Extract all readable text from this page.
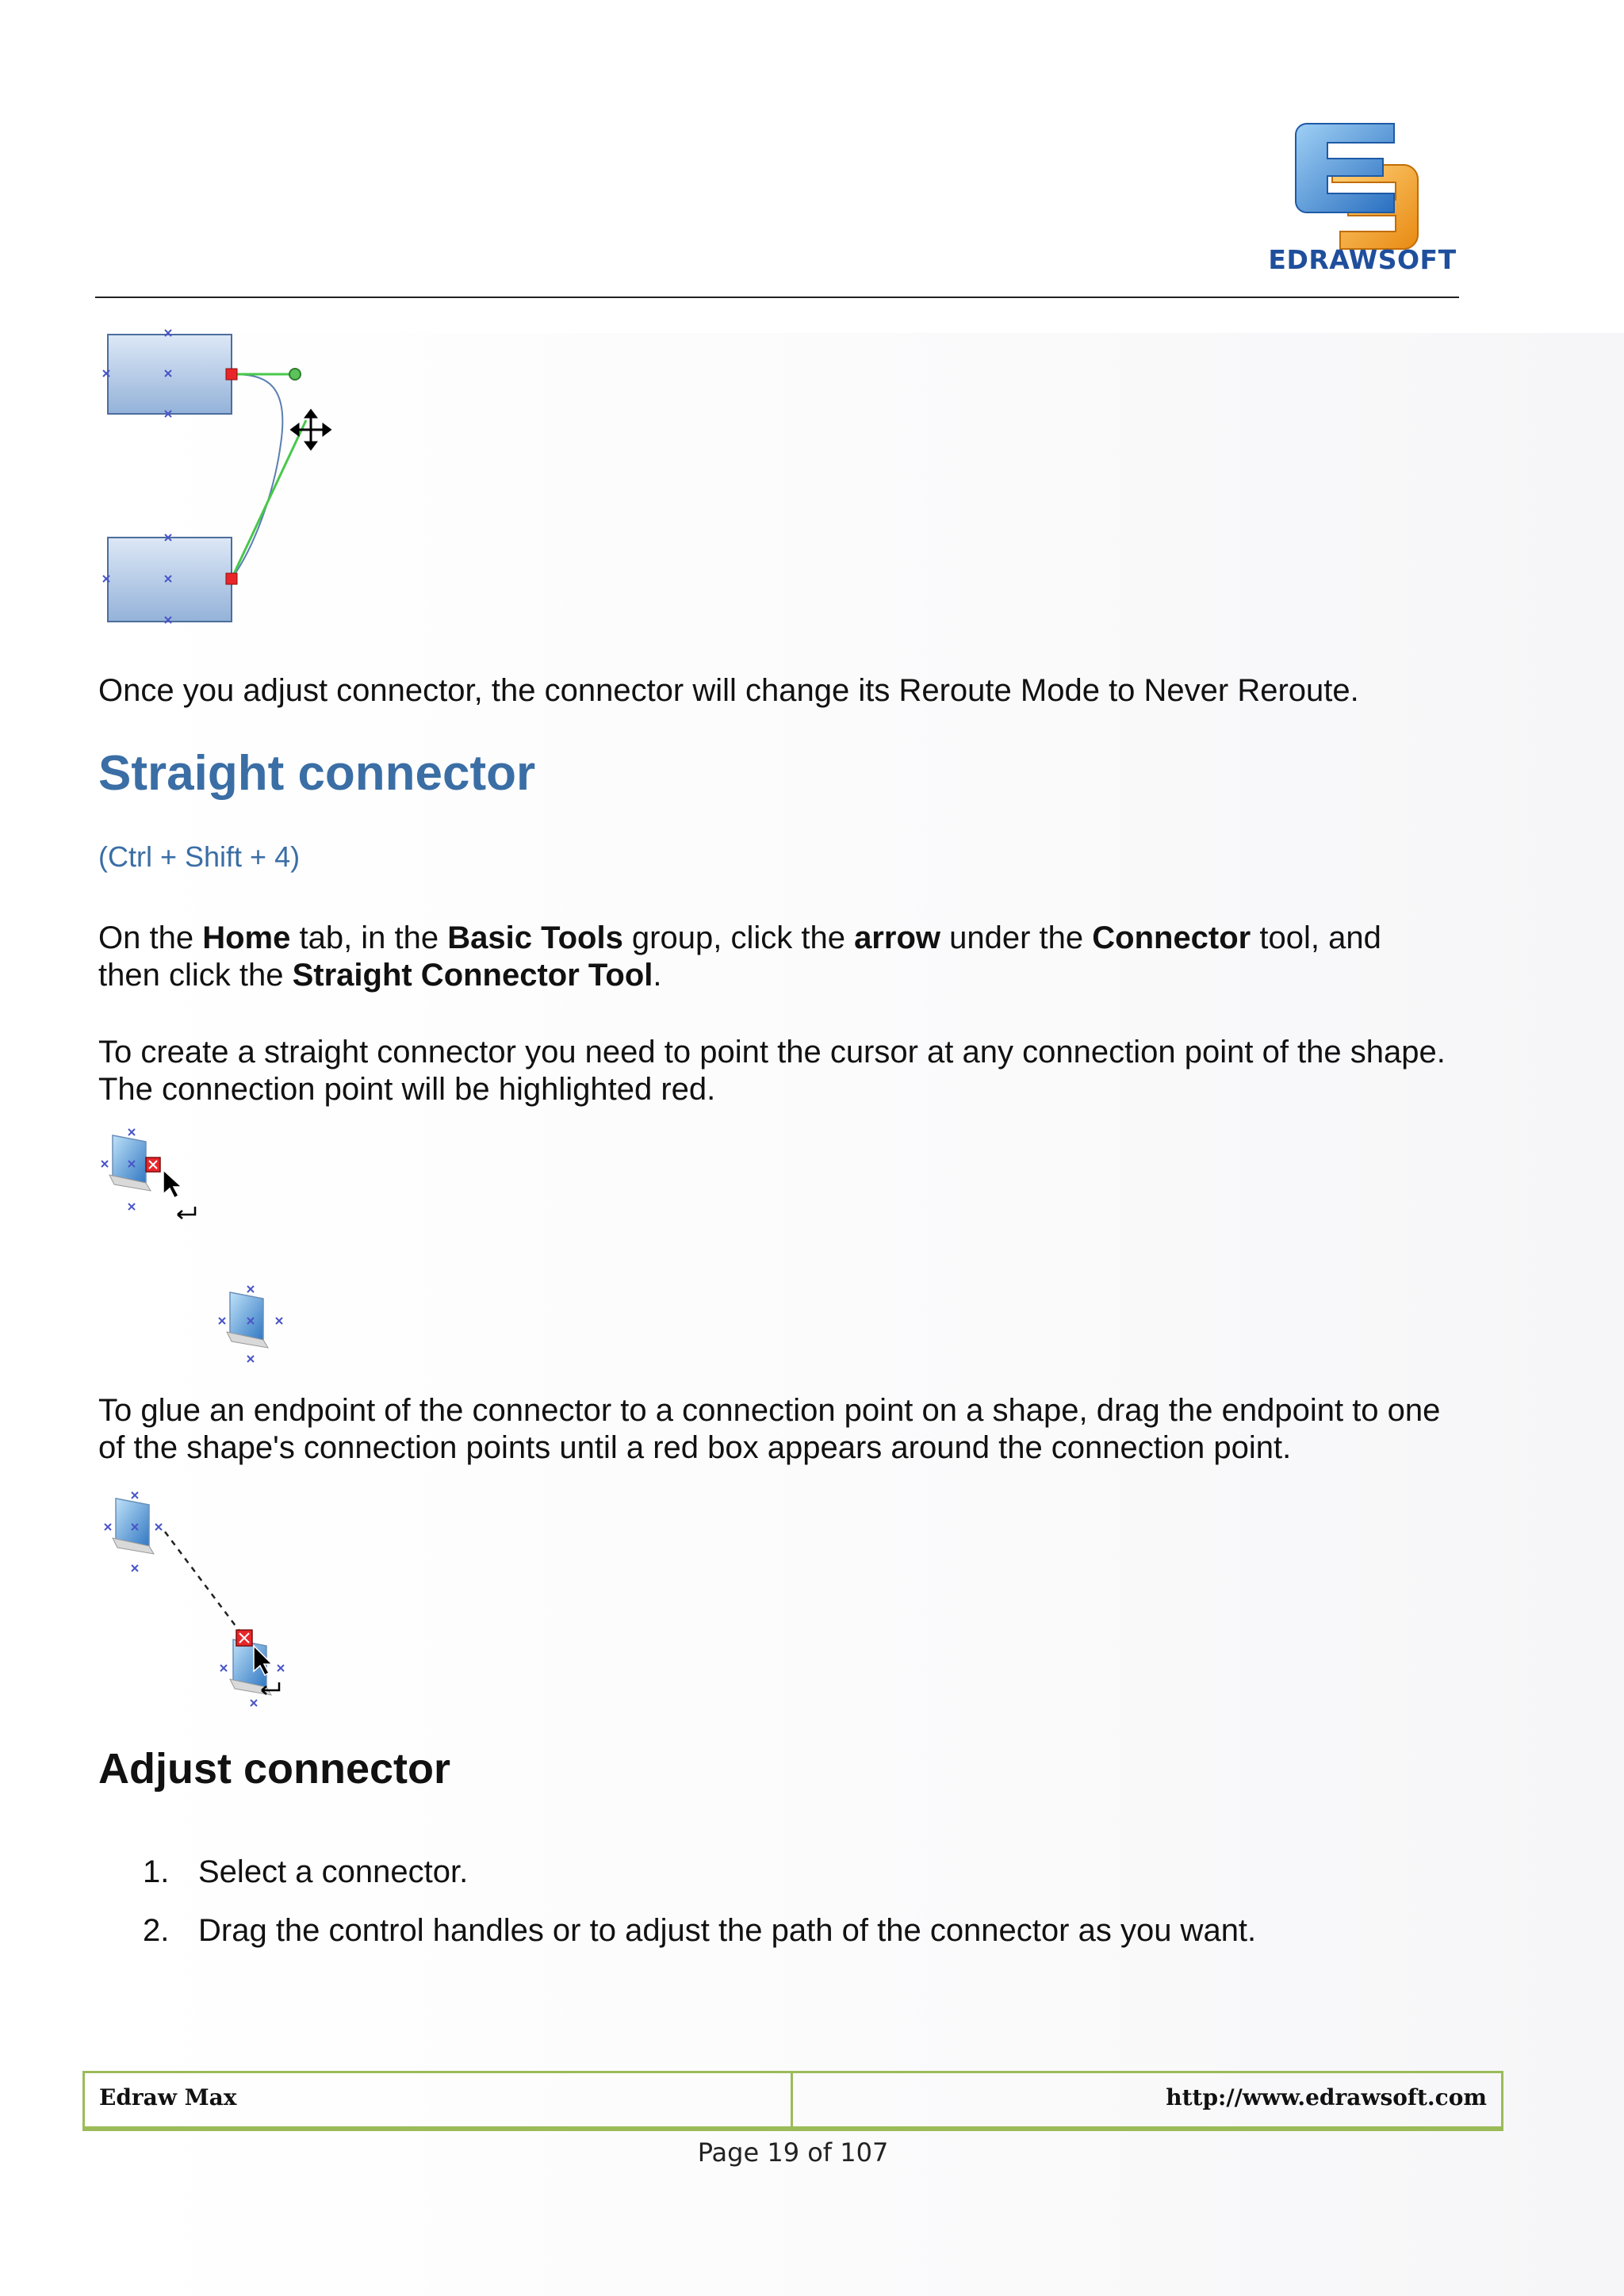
EDRAWSOFT
Once you adjust connector, the connector will change its Reroute Mode to Never Reroute.
Straight connector
(Ctrl + Shift + 4)
On the Home tab, in the Basic Tools group, click the arrow under the Connector tool, and
then click the Straight Connector Tool.
To create a straight connector you need to point the cursor at any connection point of the shape.
The connection point will be highlighted red.
To glue an endpoint of the connector to a connection point on a shape, drag the endpoint to one
of the shape's connection points until a red box appears around the connection point.
Adjust connector
1. Select a connector.
2. Drag the control handles or to adjust the path of the connector as you want.
Edraw Max	http://www.edrawsoft.com
Page 19 of 107
